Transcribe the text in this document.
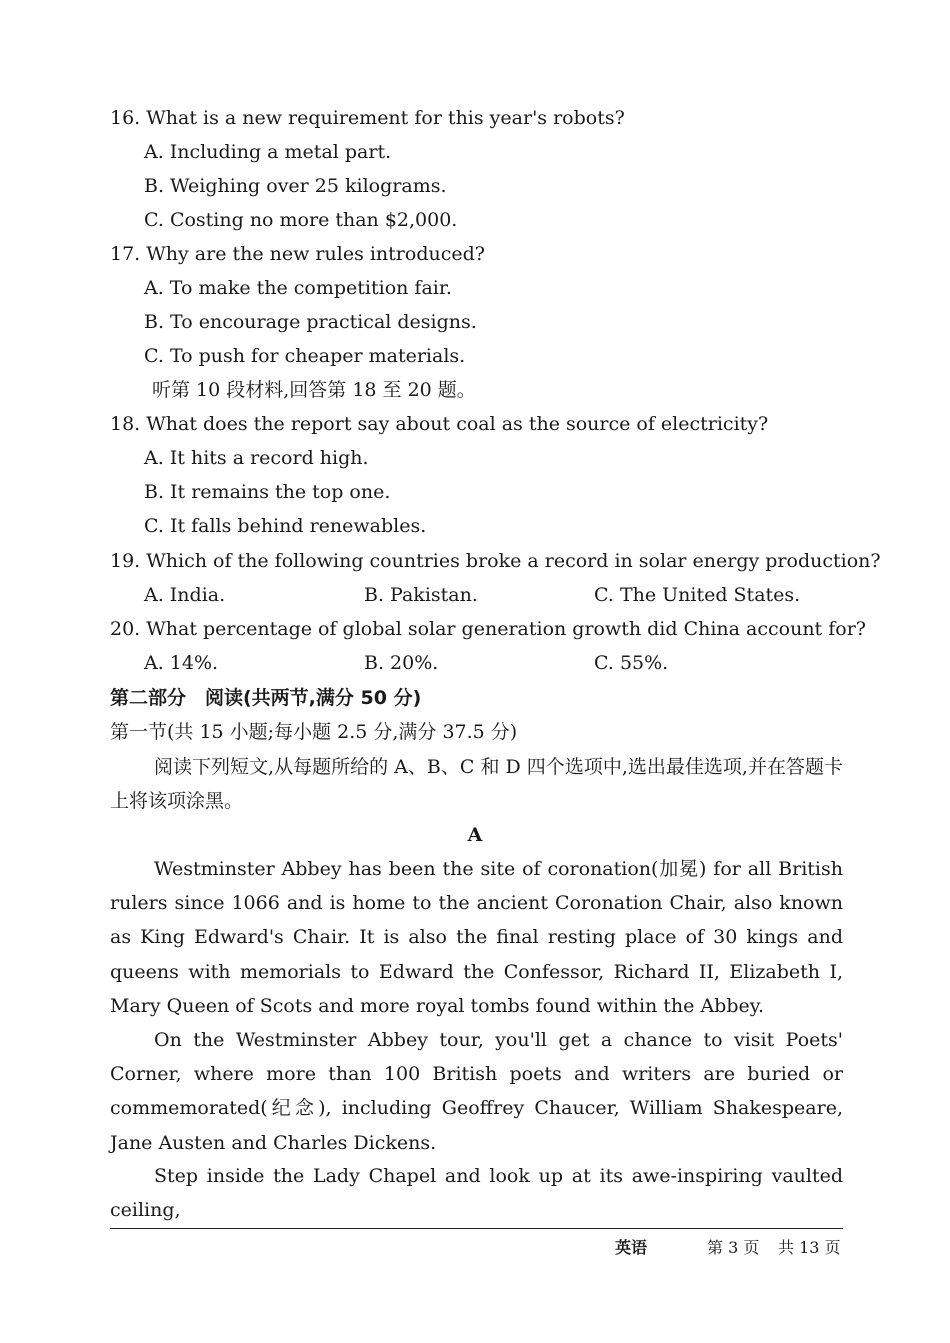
16. What is a new requirement for this year's robots?
A. Including a metal part.
B. Weighing over 25 kilograms.
C. Costing no more than $2,000.
17. Why are the new rules introduced?
A. To make the competition fair.
B. To encourage practical designs.
C. To push for cheaper materials.
听第 10 段材料,回答第 18 至 20 题。
18. What does the report say about coal as the source of electricity?
A. It hits a record high.
B. It remains the top one.
C. It falls behind renewables.
19. Which of the following countries broke a record in solar energy production?
A. India.	B. Pakistan.	C. The United States.
20. What percentage of global solar generation growth did China account for?
A. 14%.	B. 20%.	C. 55%.
第二部分　阅读(共两节,满分 50 分)
第一节(共 15 小题;每小题 2.5 分,满分 37.5 分)

阅读下列短文,从每题所给的 A、B、C 和 D 四个选项中,选出最佳选项,并在答题卡上将该项涂黑。

A

Westminster Abbey has been the site of coronation(加冕) for all British rulers since 1066 and is home to the ancient Coronation Chair, also known as King Edward's Chair. It is also the final resting place of 30 kings and queens with memorials to Edward the Confessor, Richard II, Elizabeth I, Mary Queen of Scots and more royal tombs found within the Abbey.

On the Westminster Abbey tour, you'll get a chance to visit Poets' Corner, where more than 100 British poets and writers are buried or commemorated(纪念), including Geoffrey Chaucer, William Shakespeare, Jane Austen and Charles Dickens.

Step inside the Lady Chapel and look up at its awe-inspiring vaulted ceiling,

英语	第 3 页 共 13 页
